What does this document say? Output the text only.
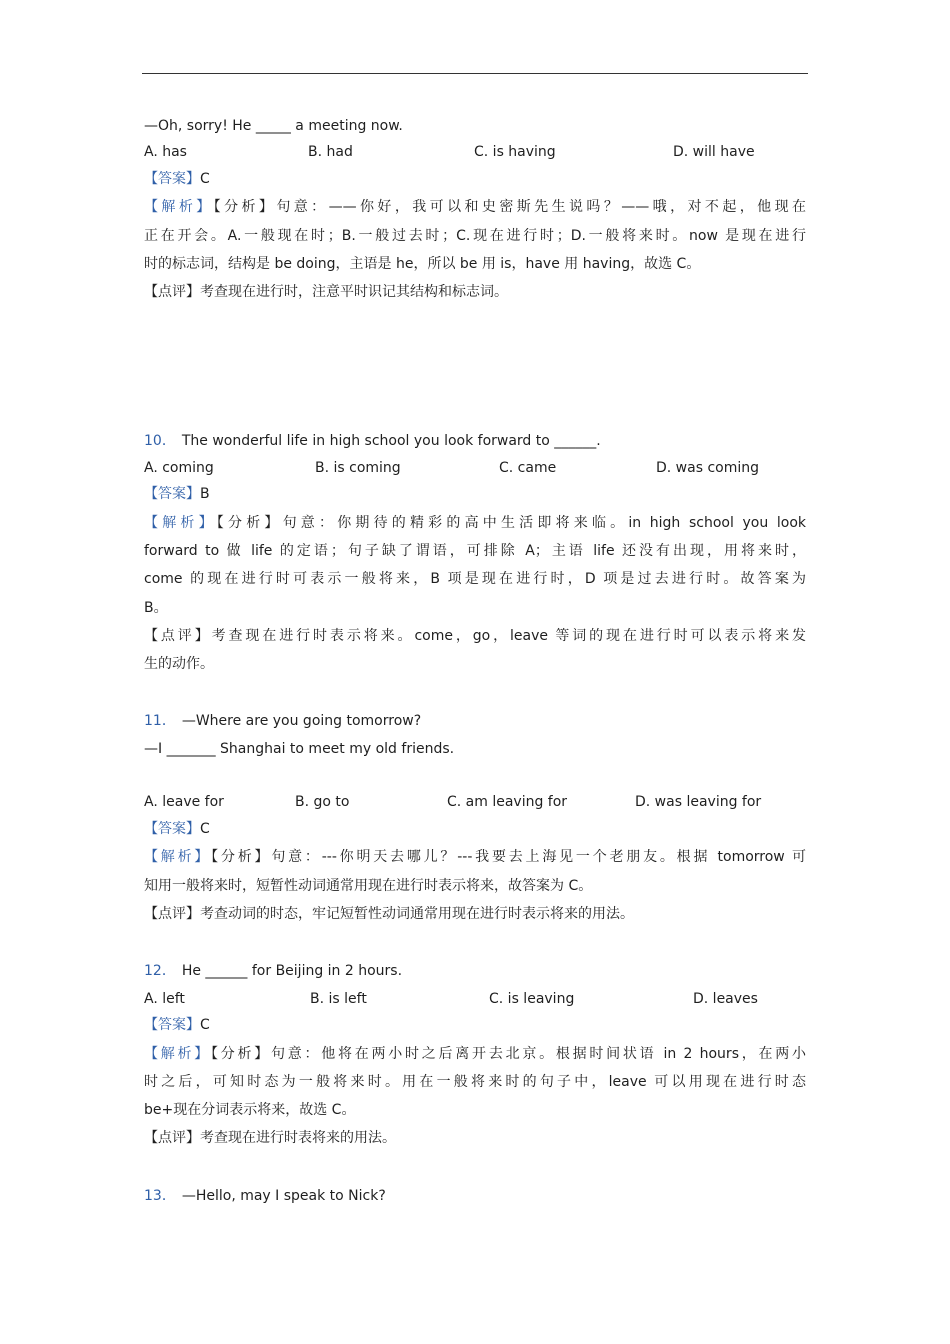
—Oh, sorry! He _____ a meeting now.
A. has	B. had	C. is having	D. will have
【答案】C
【解析】【分析】句意：——你好，我可以和史密斯先生说吗？——哦，对不起，他现在
正在开会。A.一般现在时；B.一般过去时；C.现在进行时；D.一般将来时。now 是现在进行
时的标志词，结构是 be doing，主语是 he，所以 be 用 is，have 用 having，故选 C。
【点评】考查现在进行时，注意平时识记其结构和标志词。
10． The wonderful life in high school you look forward to ______.
A. coming	B. is coming	C. came	D. was coming
【答案】B
【解析】【分析】句意：你期待的精彩的高中生活即将来临。in high school you look
forward to 做 life 的定语；句子缺了谓语，可排除 A；主语 life 还没有出现，用将来时，
come 的现在进行时可表示一般将来，B 项是现在进行时，D 项是过去进行时。故答案为
B。
【点评】考查现在进行时表示将来。come，go，leave 等词的现在进行时可以表示将来发
生的动作。
11． —Where are you going tomorrow?
—I _______ Shanghai to meet my old friends.
A. leave for	B. go to	C. am leaving for	D. was leaving for
【答案】C
【解析】【分析】句意：---你明天去哪儿？---我要去上海见一个老朋友。根据 tomorrow 可
知用一般将来时，短暂性动词通常用现在进行时表示将来，故答案为 C。
【点评】考查动词的时态，牢记短暂性动词通常用现在进行时表示将来的用法。
12． He ______ for Beijing in 2 hours.
A. left	B. is left	C. is leaving	D. leaves
【答案】C
【解析】【分析】句意：他将在两小时之后离开去北京。根据时间状语 in 2 hours，在两小
时之后，可知时态为一般将来时。用在一般将来时的句子中，leave 可以用现在进行时态
be+现在分词表示将来，故选 C。
【点评】考查现在进行时表将来的用法。
13． —Hello, may I speak to Nick?
